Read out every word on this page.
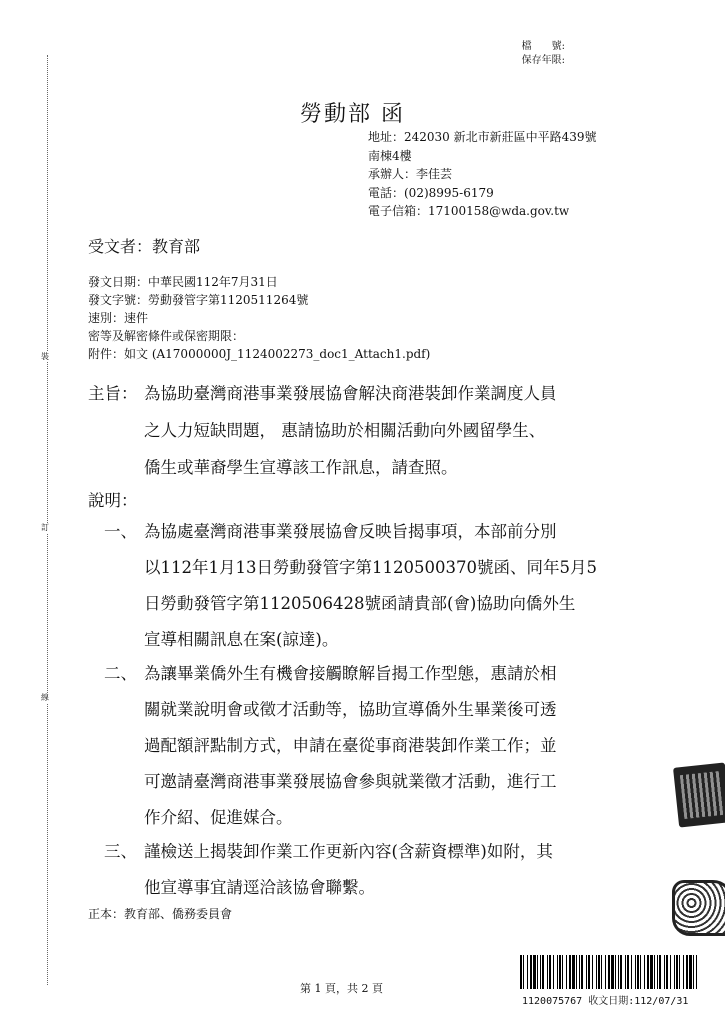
裝
訂
線
檔　　號:
保存年限:
勞動部 函
地址：242030 新北市新莊區中平路439號
南棟4樓
承辦人：李佳芸
電話：(02)8995-6179
電子信箱：17100158@wda.gov.tw
受文者：教育部
發文日期：中華民國112年7月31日
發文字號：勞動發管字第1120511264號
速別：速件
密等及解密條件或保密期限：
附件：如文 (A17000000J_1124002273_doc1_Attach1.pdf)
主旨： 為協助臺灣商港事業發展協會解決商港裝卸作業調度人員
之人力短缺問題， 惠請協助於相關活動向外國留學生、
僑生或華裔學生宣導該工作訊息，請查照。
說明：
一、 為協處臺灣商港事業發展協會反映旨揭事項，本部前分別
以112年1月13日勞動發管字第1120500370號函、同年5月5
日勞動發管字第1120506428號函請貴部(會)協助向僑外生
宣導相關訊息在案(諒達)。
二、 為讓畢業僑外生有機會接觸瞭解旨揭工作型態，惠請於相
關就業說明會或徵才活動等，協助宣導僑外生畢業後可透
過配額評點制方式，申請在臺從事商港裝卸作業工作；並
可邀請臺灣商港事業發展協會參與就業徵才活動，進行工
作介紹、促進媒合。
三、 謹檢送上揭裝卸作業工作更新內容(含薪資標準)如附，其
他宣導事宜請逕洽該協會聯繫。
正本：教育部、僑務委員會
1120075767 收文日期:112/07/31
第 1 頁，共 2 頁
